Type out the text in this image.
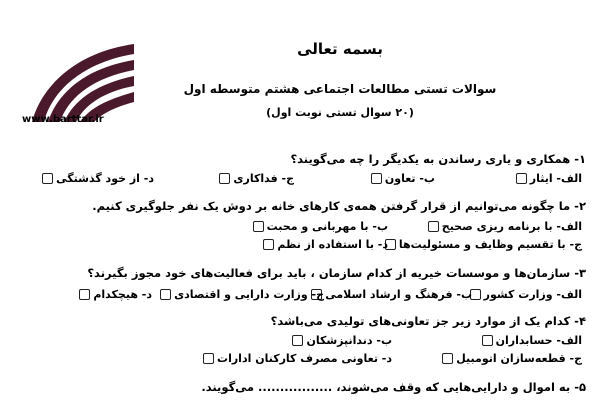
www.barttar.ir
بسمه تعالی
سوالات تستی مطالعات اجتماعی هشتم متوسطه اول
(۲۰ سوال تستی نوبت اول)
۱- همکاری و یاری رساندن به یکدیگر را چه می‌گویند؟
الف- ایثار
ب- تعاون
ج- فداکاری
د- از خود گذشتگی
۲- ما چگونه می‌توانیم از قرار گرفتن همه‌ی کارهای خانه بر دوش یک نفر جلوگیری کنیم.
الف- با برنامه ریزی صحیح
ب- با مهربانی و محبت
ج- با تقسیم وظایف و مسئولیت‌ها
د- با استفاده از نظم
۳- سازمان‌ها و موسسات خیریه از کدام سازمان ، باید برای فعالیت‌های خود مجوز بگیرند؟
الف- وزارت کشور
ب- فرهنگ و ارشاد اسلامی
ج- وزارت دارایی و اقتصادی
د- هیچکدام
۴- کدام یک از موارد زیر جز تعاونی‌های تولیدی می‌باشد؟
الف- حسابداران
ب- دندانپزشکان
ج- قطعه‌سازان اتومبیل
د- تعاونی مصرف کارکنان ادارات
۵- به اموال و دارایی‌هایی که وقف می‌شوند، ................. می‌گویند.
